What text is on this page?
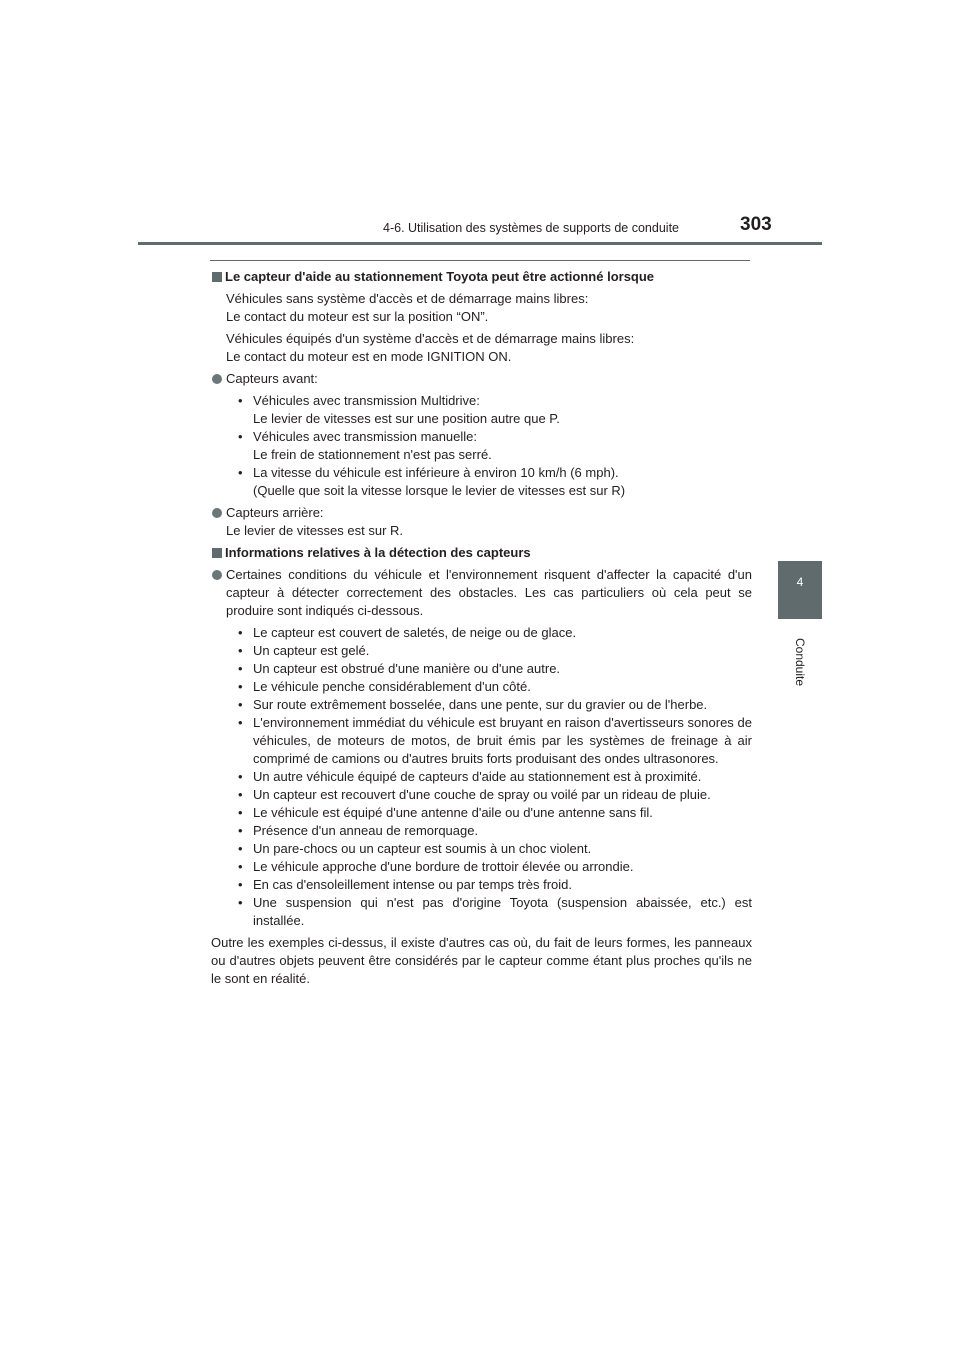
4-6. Utilisation des systèmes de supports de conduite	303
4
Conduite
Le capteur d'aide au stationnement Toyota peut être actionné lorsque
Véhicules sans système d'accès et de démarrage mains libres:
Le contact du moteur est sur la position “ON”.
Véhicules équipés d'un système d'accès et de démarrage mains libres:
Le contact du moteur est en mode IGNITION ON.
Capteurs avant:
• Véhicules avec transmission Multidrive:
Le levier de vitesses est sur une position autre que P.
• Véhicules avec transmission manuelle:
Le frein de stationnement n'est pas serré.
• La vitesse du véhicule est inférieure à environ 10 km/h (6 mph).
(Quelle que soit la vitesse lorsque le levier de vitesses est sur R)
Capteurs arrière:
Le levier de vitesses est sur R.
Informations relatives à la détection des capteurs
Certaines conditions du véhicule et l'environnement risquent d'affecter la capacité d'un capteur à détecter correctement des obstacles. Les cas particuliers où cela peut se produire sont indiqués ci-dessous.
• Le capteur est couvert de saletés, de neige ou de glace.
• Un capteur est gelé.
• Un capteur est obstrué d'une manière ou d'une autre.
• Le véhicule penche considérablement d'un côté.
• Sur route extrêmement bosselée, dans une pente, sur du gravier ou de l'herbe.
• L'environnement immédiat du véhicule est bruyant en raison d'avertisseurs sonores de véhicules, de moteurs de motos, de bruit émis par les systèmes de freinage à air comprimé de camions ou d'autres bruits forts produisant des ondes ultrasonores.
• Un autre véhicule équipé de capteurs d'aide au stationnement est à proximité.
• Un capteur est recouvert d'une couche de spray ou voilé par un rideau de pluie.
• Le véhicule est équipé d'une antenne d'aile ou d'une antenne sans fil.
• Présence d'un anneau de remorquage.
• Un pare-chocs ou un capteur est soumis à un choc violent.
• Le véhicule approche d'une bordure de trottoir élevée ou arrondie.
• En cas d'ensoleillement intense ou par temps très froid.
• Une suspension qui n'est pas d'origine Toyota (suspension abaissée, etc.) est installée.
Outre les exemples ci-dessus, il existe d'autres cas où, du fait de leurs formes, les panneaux ou d'autres objets peuvent être considérés par le capteur comme étant plus proches qu'ils ne le sont en réalité.
